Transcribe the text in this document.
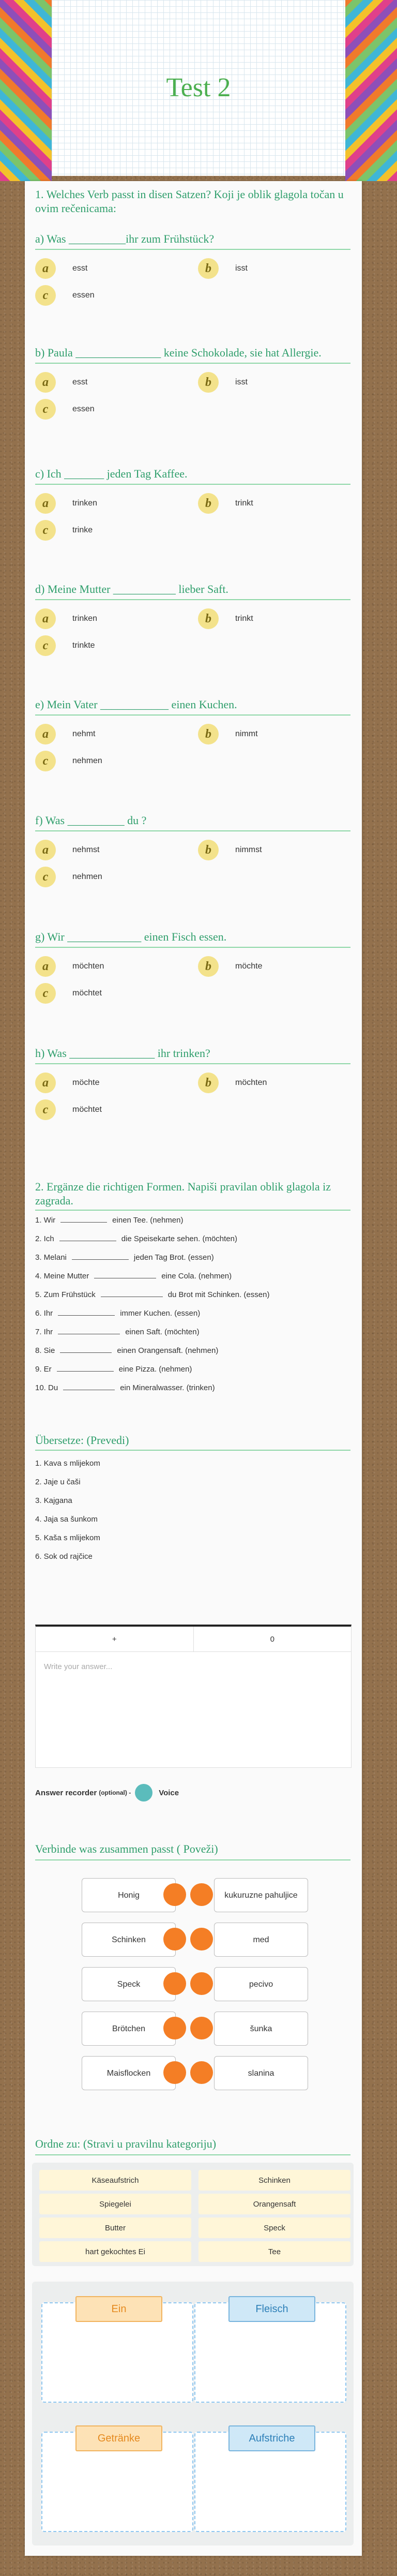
Test 2
1. Welches Verb passt in disen Satzen? Koji je oblik glagola točan u ovim rečenicama:
a) Was __________ihr zum Frühstück?
a	esst	b	isst
c	essen
b) Paula _______________ keine Schokolade, sie hat Allergie.
a	esst	b	isst
c	essen
c) Ich _______ jeden Tag Kaffee.
a	trinken	b	trinkt
c	trinke
d) Meine Mutter ___________ lieber Saft.
a	trinken	b	trinkt
c	trinkte
e) Mein Vater ____________ einen Kuchen.
a	nehmt	b	nimmt
c	nehmen
f) Was __________ du ?
a	nehmst	b	nimmst
c	nehmen
g) Wir _____________ einen Fisch essen.
a	möchten	b	möchte
c	möchtet
h) Was _______________ ihr trinken?
a	möchte	b	möchten
c	möchtet
2. Ergänze die richtigen Formen. Napiši pravilan oblik glagola iz zagrada.
1. Wir	einen Tee. (nehmen)
2. Ich	die Speisekarte sehen. (möchten)
3. Melani	jeden Tag Brot. (essen)
4. Meine Mutter	eine Cola. (nehmen)
5. Zum Frühstück	du Brot mit Schinken. (essen)
6. Ihr	immer Kuchen. (essen)
7. Ihr	einen Saft. (möchten)
8. Sie	einen Orangensaft. (nehmen)
9. Er	eine Pizza. (nehmen)
10. Du	ein Mineralwasser. (trinken)
Übersetze: (Prevedi)
1. Kava s mlijekom
2. Jaje u čaši
3. Kajgana
4. Jaja sa šunkom
5. Kaša s mlijekom
6. Sok od rajčice
+	0
Write your answer...
Answer recorder (optional) -	Voice
Verbinde was zusammen passt ( Poveži)
Honig	kukuruzne pahuljice
Schinken	med
Speck	pecivo
Brötchen	šunka
Maisflocken	slanina
Ordne zu: (Stravi u pravilnu kategoriju)
Käseaufstrich	Schinken
Spiegelei	Orangensaft
Butter	Speck
hart gekochtes Ei	Tee
Ein	Fleisch
Getränke	Aufstriche
